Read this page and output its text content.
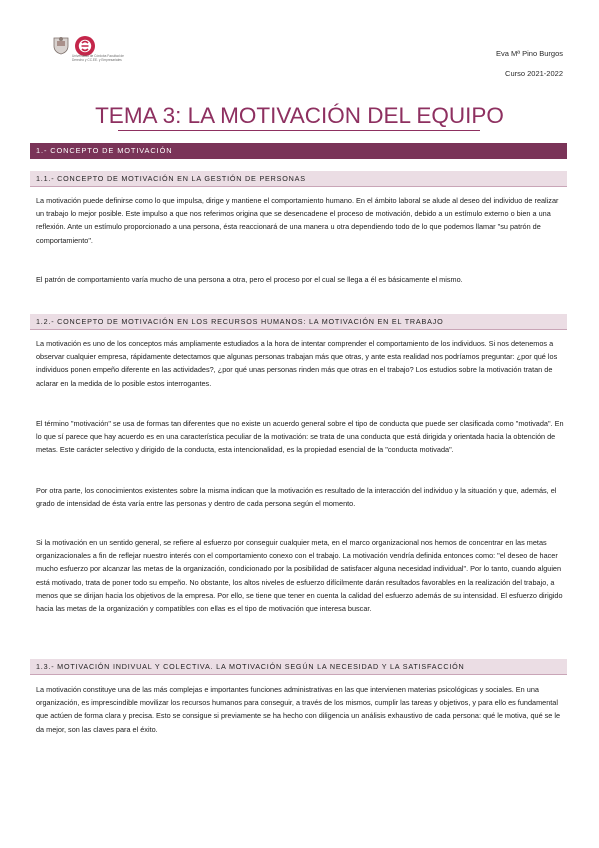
Universidad de Córdoba Facultad de Derecho y CC.EE. y Empresariales
Eva Mª Pino Burgos
Curso 2021-2022
TEMA 3: LA MOTIVACIÓN DEL EQUIPO
1.- CONCEPTO DE MOTIVACIÓN
1.1.- CONCEPTO DE MOTIVACIÓN EN LA GESTIÓN DE PERSONAS

La motivación puede definirse como lo que impulsa, dirige y mantiene el comportamiento humano. En el ámbito laboral se alude al deseo del individuo de realizar un trabajo lo mejor posible. Este impulso a que nos referimos origina que se desencadene el proceso de motivación, debido a un estímulo externo o bien a una reflexión. Ante un estímulo proporcionado a una persona, ésta reaccionará de una manera u otra dependiendo todo de lo que podemos llamar "su patrón de comportamiento".

El patrón de comportamiento varía mucho de una persona a otra, pero el proceso por el cual se llega a él es básicamente el mismo.

1.2.- CONCEPTO DE MOTIVACIÓN EN LOS RECURSOS HUMANOS: LA MOTIVACIÓN EN EL TRABAJO

La motivación es uno de los conceptos más ampliamente estudiados a la hora de intentar comprender el comportamiento de los individuos. Si nos detenemos a observar cualquier empresa, rápidamente detectamos que algunas personas trabajan más que otras, y ante esta realidad nos podríamos preguntar: ¿por qué los individuos ponen empeño diferente en las actividades?, ¿por qué unas personas rinden más que otras en el trabajo? Los estudios sobre la motivación tratan de aclarar en la medida de lo posible estos interrogantes.

El término "motivación" se usa de formas tan diferentes que no existe un acuerdo general sobre el tipo de conducta que puede ser clasificada como "motivada". En lo que sí parece que hay acuerdo es en una característica peculiar de la motivación: se trata de una conducta que está dirigida y orientada hacia la obtención de metas. Este carácter selectivo y dirigido de la conducta, esta intencionalidad, es la propiedad esencial de la "conducta motivada".

Por otra parte, los conocimientos existentes sobre la misma indican que la motivación es resultado de la interacción del individuo y la situación y que, además, el grado de intensidad de ésta varía entre las personas y dentro de cada persona según el momento.

Si la motivación en un sentido general, se refiere al esfuerzo por conseguir cualquier meta, en el marco organizacional nos hemos de concentrar en las metas organizacionales a fin de reflejar nuestro interés con el comportamiento conexo con el trabajo. La motivación vendría definida entonces como: "el deseo de hacer mucho esfuerzo por alcanzar las metas de la organización, condicionado por la posibilidad de satisfacer alguna necesidad individual". Por lo tanto, cuando alguien está motivado, trata de poner todo su empeño. No obstante, los altos niveles de esfuerzo difícilmente darán resultados favorables en la realización del trabajo, a menos que se dirijan hacia los objetivos de la empresa. Por ello, se tiene que tener en cuenta la calidad del esfuerzo además de su intensidad. El esfuerzo dirigido hacia las metas de la organización y compatibles con ellas es el tipo de motivación que interesa buscar.

1.3.- MOTIVACIÓN INDIVUAL Y COLECTIVA. LA MOTIVACIÓN SEGÚN LA NECESIDAD Y LA SATISFACCIÓN

La motivación constituye una de las más complejas e importantes funciones administrativas en las que intervienen materias psicológicas y sociales. En una organización, es imprescindible movilizar los recursos humanos para conseguir, a través de los mismos, cumplir las tareas y objetivos, y para ello es fundamental que actúen de forma clara y precisa. Esto se consigue si previamente se ha hecho con diligencia un análisis exhaustivo de cada persona: qué le motiva, qué se le da mejor, son las claves para el éxito.
